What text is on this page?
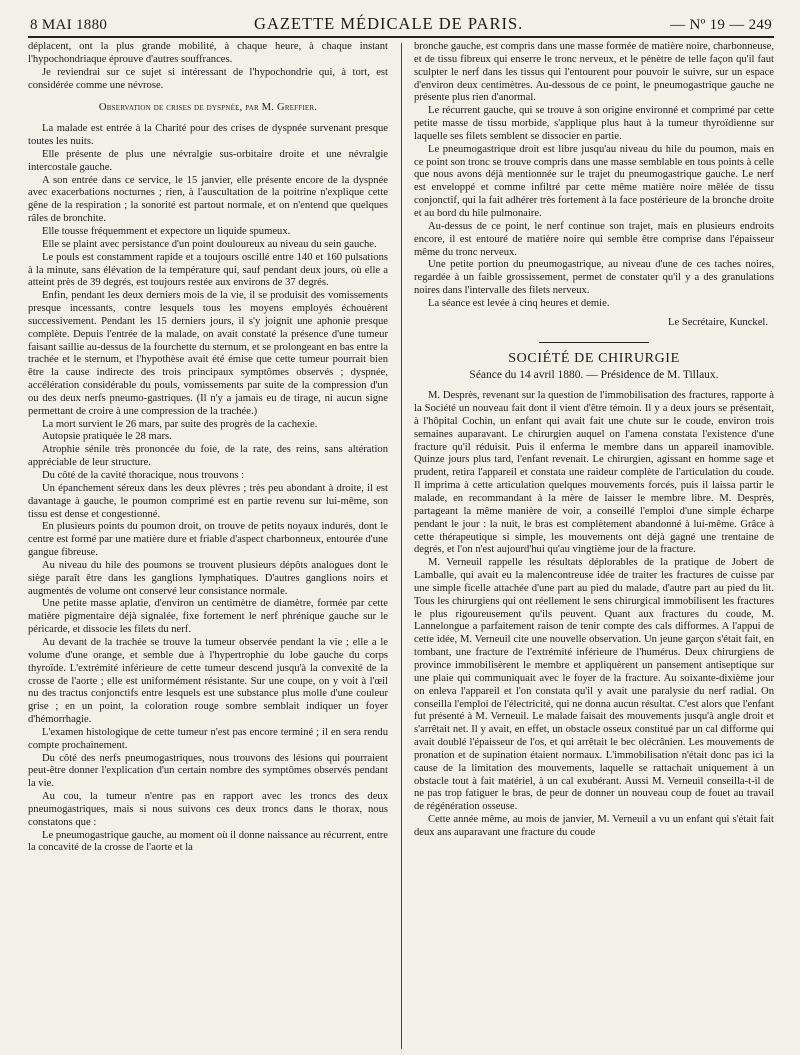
8 MAI 1880	GAZETTE MÉDICALE DE PARIS.	— Nº 19 — 249

déplacent, ont la plus grande mobilité, à chaque heure, à chaque instant l'hypochondriaque éprouve d'autres souffrances.

Je reviendrai sur ce sujet si intéressant de l'hypochondrie qui, à tort, est considérée comme une névrose.

Observation de crises de dyspnée, par M. Greffier.

La malade est entrée à la Charité pour des crises de dyspnée survenant presque toutes les nuits.

Elle présente de plus une névralgie sus-orbitaire droite et une névralgie intercostale gauche.

A son entrée dans ce service, le 15 janvier, elle présente encore de la dyspnée avec exacerbations nocturnes ; rien, à l'auscultation de la poitrine n'explique cette gêne de la respiration ; la sonorité est partout normale, et on n'entend que quelques râles de bronchite.

Elle tousse fréquemment et expectore un liquide spumeux.

Elle se plaint avec persistance d'un point douloureux au niveau du sein gauche.

Le pouls est constamment rapide et a toujours oscillé entre 140 et 160 pulsations à la minute, sans élévation de la température qui, sauf pendant deux jours, où elle a atteint près de 39 degrés, est toujours restée aux environs de 37 degrés.

Enfin, pendant les deux derniers mois de la vie, il se produisit des vomissements presque incessants, contre lesquels tous les moyens employés échouèrent successivement. Pendant les 15 derniers jours, il s'y joignit une aphonie presque complète. Depuis l'entrée de la malade, on avait constaté la présence d'une tumeur faisant saillie au-dessus de la fourchette du sternum, et se prolongeant en bas entre la trachée et le sternum, et l'hypothèse avait été émise que cette tumeur pourrait bien être la cause indirecte des trois principaux symptômes observés ; dyspnée, accélération considérable du pouls, vomissements par suite de la compression d'un ou des deux nerfs pneumo-gastriques. (Il n'y a jamais eu de tirage, ni aucun signe permettant de croire à une compression de la trachée.)

La mort survient le 26 mars, par suite des progrès de la cachexie.

Autopsie pratiquée le 28 mars.

Atrophie sénile très prononcée du foie, de la rate, des reins, sans altération appréciable de leur structure.

Du côté de la cavité thoracique, nous trouvons :

Un épanchement séreux dans les deux plèvres ; très peu abondant à droite, il est davantage à gauche, le poumon comprimé est en partie revenu sur lui-même, son tissu est dense et congestionné.

En plusieurs points du poumon droit, on trouve de petits noyaux indurés, dont le centre est formé par une matière dure et friable d'aspect charbonneux, entourée d'une gangue fibreuse.

Au niveau du hile des poumons se trouvent plusieurs dépôts analogues dont le siège paraît être dans les ganglions lymphatiques. D'autres ganglions noirs et augmentés de volume ont conservé leur consistance normale.

Une petite masse aplatie, d'environ un centimètre de diamètre, formée par cette matière pigmentaire déjà signalée, fixe fortement le nerf phrénique gauche sur le péricarde, et dissocie les filets du nerf.

Au devant de la trachée se trouve la tumeur observée pendant la vie ; elle a le volume d'une orange, et semble due à l'hypertrophie du lobe gauche du corps thyroïde. L'extrémité inférieure de cette tumeur descend jusqu'à la convexité de la crosse de l'aorte ; elle est uniformément résistante. Sur une coupe, on y voit à l'œil nu des tractus conjonctifs entre lesquels est une substance plus molle d'une couleur grise ; en un point, la coloration rouge sombre semblait indiquer un foyer d'hémorrhagie.

L'examen histologique de cette tumeur n'est pas encore terminé ; il en sera rendu compte prochainement.

Du côté des nerfs pneumogastriques, nous trouvons des lésions qui pourraient peut-être donner l'explication d'un certain nombre des symptômes observés pendant la vie.

Au cou, la tumeur n'entre pas en rapport avec les troncs des deux pneumogastriques, mais si nous suivons ces deux troncs dans le thorax, nous constatons que :

Le pneumogastrique gauche, au moment où il donne naissance au récurrent, entre la concavité de la crosse de l'aorte et la

bronche gauche, est compris dans une masse formée de matière noire, charbonneuse, et de tissu fibreux qui enserre le tronc nerveux, et le pénètre de telle façon qu'il faut sculpter le nerf dans les tissus qui l'entourent pour pouvoir le suivre, sur un espace d'environ deux centimètres. Au-dessous de ce point, le pneumogastrique gauche ne présente plus rien d'anormal.

Le récurrent gauche, qui se trouve à son origine environné et comprimé par cette petite masse de tissu morbide, s'applique plus haut à la tumeur thyroïdienne sur laquelle ses filets semblent se dissocier en partie.

Le pneumogastrique droit est libre jusqu'au niveau du hile du poumon, mais en ce point son tronc se trouve compris dans une masse semblable en tous points à celle que nous avons déjà mentionnée sur le trajet du pneumogastrique gauche. Le nerf est enveloppé et comme infiltré par cette même matière noire mêlée de tissu conjonctif, qui la fait adhérer très fortement à la face postérieure de la bronche droite et au bord du hile pulmonaire.

Au-dessus de ce point, le nerf continue son trajet, mais en plusieurs endroits encore, il est entouré de matière noire qui semble être comprise dans l'épaisseur même du tronc nerveux.

Une petite portion du pneumogastrique, au niveau d'une de ces taches noires, regardée à un faible grossissement, permet de constater qu'il y a des granulations noires dans l'intervalle des filets nerveux.

La séance est levée à cinq heures et demie.

Le Secrétaire, Kunckel.
SOCIÉTÉ DE CHIRURGIE
Séance du 14 avril 1880. — Présidence de M. Tillaux.

M. Desprès, revenant sur la question de l'immobilisation des fractures, rapporte à la Société un nouveau fait dont il vient d'être témoin. Il y a deux jours se présentait, à l'hôpital Cochin, un enfant qui avait fait une chute sur le coude, environ trois semaines auparavant. Le chirurgien auquel on l'amena constata l'existence d'une fracture qu'il réduisit. Puis il enferma le membre dans un appareil inamovible. Quinze jours plus tard, l'enfant revenait. Le chirurgien, agissant en homme sage et prudent, retira l'appareil et constata une raideur complète de l'articulation du coude. Il imprima à cette articulation quelques mouvements forcés, puis il laissa partir le malade, en recommandant à la mère de laisser le membre libre. M. Desprès, partageant la même manière de voir, a conseillé l'emploi d'une simple écharpe pendant le jour : la nuit, le bras est complètement abandonné à lui-même. Grâce à cette thérapeutique si simple, les mouvements ont déjà gagné une trentaine de degrés, et l'on n'est aujourd'hui qu'au vingtième jour de la fracture.

M. Verneuil rappelle les résultats déplorables de la pratique de Jobert de Lamballe, qui avait eu la malencontreuse idée de traiter les fractures de cuisse par une simple ficelle attachée d'une part au pied du malade, d'autre part au pied du lit. Tous les chirurgiens qui ont réellement le sens chirurgical immobilisent les fractures le plus rigoureusement qu'ils peuvent. Quant aux fractures du coude, M. Lannelongue a parfaitement raison de tenir compte des cals difformes. A l'appui de cette idée, M. Verneuil cite une nouvelle observation. Un jeune garçon s'était fait, en tombant, une fracture de l'extrémité inférieure de l'humérus. Deux chirurgiens de province immobilisèrent le membre et appliquèrent un pansement antiseptique sur une plaie qui communiquait avec le foyer de la fracture. Au soixante-dixième jour on enleva l'appareil et l'on constata qu'il y avait une paralysie du nerf radial. On conseilla l'emploi de l'électricité, qui ne donna aucun résultat. C'est alors que l'enfant fut présenté à M. Verneuil. Le malade faisait des mouvements jusqu'à angle droit et s'arrêtait net. Il y avait, en effet, un obstacle osseux constitué par un cal difforme qui avait doublé l'épaisseur de l'os, et qui arrêtait le bec olécrânien. Les mouvements de pronation et de supination étaient normaux. L'immobilisation n'était donc pas ici la cause de la limitation des mouvements, laquelle se rattachait uniquement à un obstacle tout à fait matériel, à un cal exubérant. Aussi M. Verneuil conseilla-t-il de ne pas trop fatiguer le bras, de peur de donner un nouveau coup de fouet au travail de régénération osseuse.

Cette année même, au mois de janvier, M. Verneuil a vu un enfant qui s'était fait deux ans auparavant une fracture du coude
